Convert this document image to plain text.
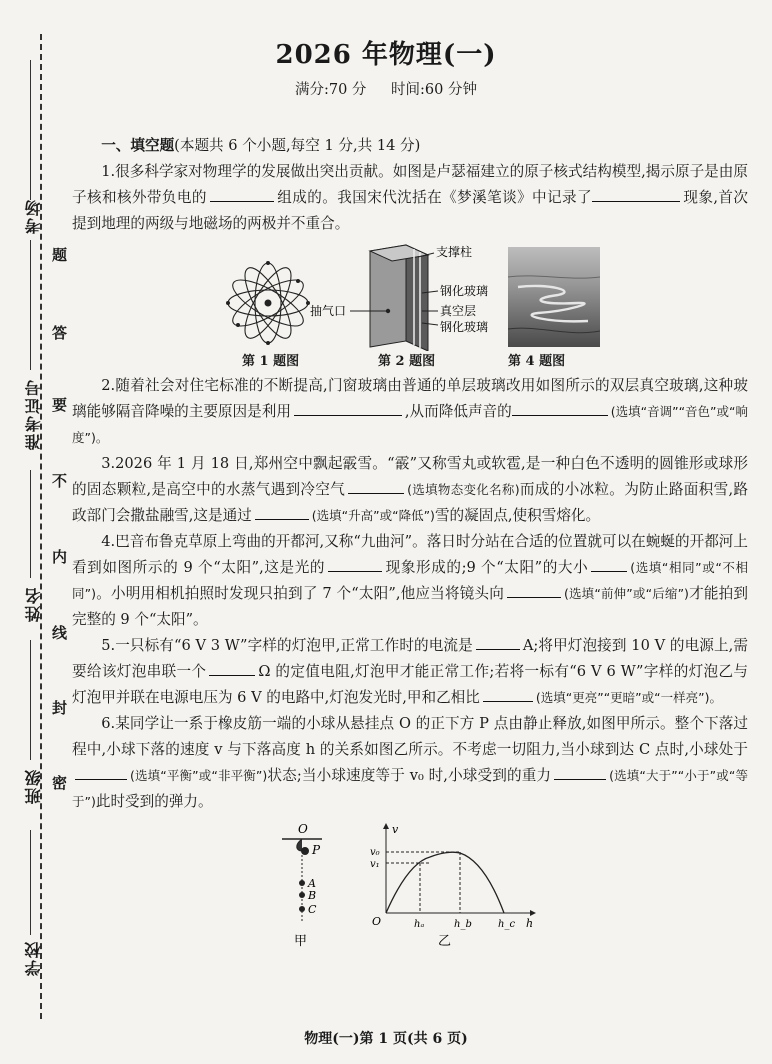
考场
准考证号
姓名
班级
学校
题
答
要
不
内
线
封
密
2026 年物理(一)
满分:70 分 时间:60 分钟

一、填空题(本题共 6 个小题,每空 1 分,共 14 分)

1.很多科学家对物理学的发展做出突出贡献。如图是卢瑟福建立的原子核式结构模型,揭示原子是由原子核和核外带负电的	组成的。我国宋代沈括在《梦溪笔谈》中记录了	现象,首次提到地理的两级与地磁场的两极并不重合。

支撑柱
钢化玻璃
真空层
钢化玻璃
抽气口
第 1 题图	第 2 题图	第 4 题图

2.随着社会对住宅标准的不断提高,门窗玻璃由普通的单层玻璃改用如图所示的双层真空玻璃,这种玻璃能够隔音降噪的主要原因是利用	,从而降低声音的	(选填“音调”“音色”或“响度”)。

3.2026 年 1 月 18 日,郑州空中飘起霰雪。“霰”又称雪丸或软雹,是一种白色不透明的圆锥形或球形的固态颗粒,是高空中的水蒸气遇到冷空气	(选填物态变化名称)而成的小冰粒。为防止路面积雪,路政部门会撒盐融雪,这是通过	(选填“升高”或“降低”)雪的凝固点,使积雪熔化。

4.巴音布鲁克草原上弯曲的开都河,又称“九曲河”。落日时分站在合适的位置就可以在蜿蜒的开都河上看到如图所示的 9 个“太阳”,这是光的	现象形成的;9 个“太阳”的大小	(选填“相同”或“不相同”)。小明用相机拍照时发现只拍到了 7 个“太阳”,他应当将镜头向	(选填“前伸”或“后缩”)才能拍到完整的 9 个“太阳”。

5.一只标有“6 V 3 W”字样的灯泡甲,正常工作时的电流是	A;将甲灯泡接到 10 V 的电源上,需要给该灯泡串联一个	Ω 的定值电阻,灯泡甲才能正常工作;若将一标有“6 V 6 W”字样的灯泡乙与灯泡甲并联在电源电压为 6 V 的电路中,灯泡发光时,甲和乙相比	(选填“更亮”“更暗”或“一样亮”)。

6.某同学让一系于橡皮筋一端的小球从悬挂点 O 的正下方 P 点由静止释放,如图甲所示。整个下落过程中,小球下落的速度 v 与下落高度 h 的关系如图乙所示。不考虑一切阻力,当小球到达 C 点时,小球处于(选填“平衡”或“非平衡”)状态;当小球速度等于 v₀ 时,小球受到的重力	(选填“大于”“小于”或“等于”)此时受到的弹力。

O
P
A
B
C
甲
v
v₀
v₁
O	hₐ	h_b	h_c h
乙
物理(一)第 1 页(共 6 页)
